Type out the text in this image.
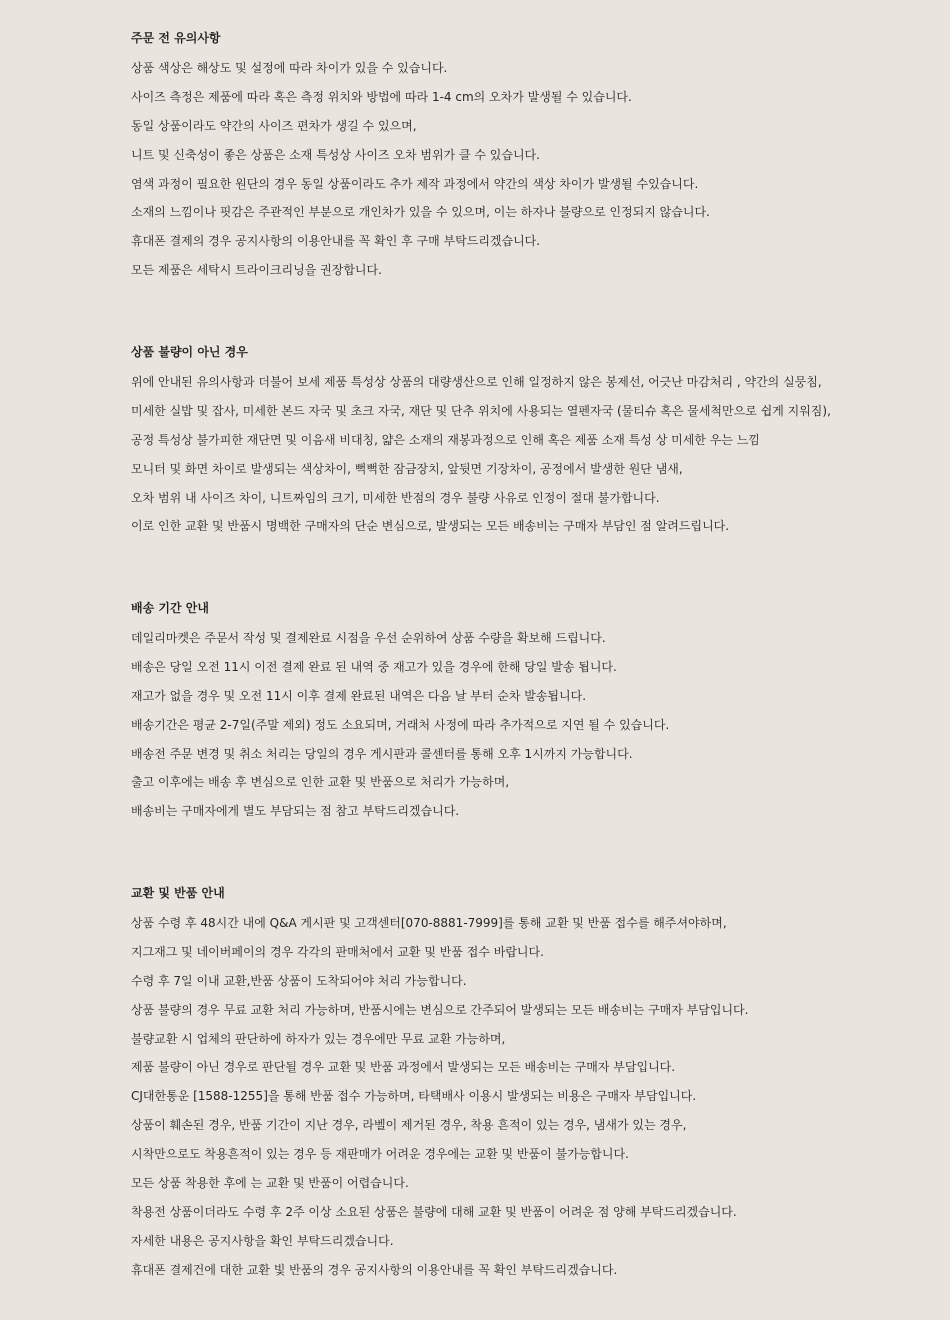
주문 전 유의사항
상품 색상은 해상도 및 설정에 따라 차이가 있을 수 있습니다.
사이즈 측정은 제품에 따라 혹은 측정 위치와 방법에 따라 1-4 cm의 오차가 발생될 수 있습니다.
동일 상품이라도 약간의 사이즈 편차가 생길 수 있으며,
니트 및 신축성이 좋은 상품은 소재 특성상 사이즈 오차 범위가 클 수 있습니다.
염색 과정이 필요한 원단의 경우 동일 상품이라도 추가 제작 과정에서 약간의 색상 차이가 발생될 수있습니다.
소재의 느낌이나 핏감은 주관적인 부분으로 개인차가 있을 수 있으며, 이는 하자나 불량으로 인정되지 않습니다.
휴대폰 결제의 경우 공지사항의 이용안내를 꼭 확인 후 구매 부탁드리겠습니다.
모든 제품은 세탁시 트라이크리닝을 권장합니다.
상품 불량이 아닌 경우
위에 안내된 유의사항과 더불어 보세 제품 특성상 상품의 대량생산으로 인해 일정하지 않은 봉제선, 어긋난 마감처리 , 약간의 실뭉침,
미세한 실밥 및 잡사, 미세한 본드 자국 및 초크 자국, 재단 및 단추 위치에 사용되는 열펜자국 (물티슈 혹은 물세척만으로 쉽게 지워짐),
공정 특성상 불가피한 재단면 및 이음새 비대칭, 얇은 소재의 재봉과정으로 인해 혹은 제품 소재 특성 상 미세한 우는 느낌
모니터 및 화면 차이로 발생되는 색상차이, 뻑뻑한 잠금장치, 앞뒷면 기장차이, 공정에서 발생한 원단 냄새,
오차 범위 내 사이즈 차이, 니트짜임의 크기, 미세한 반점의 경우 불량 사유로 인정이 절대 불가합니다.
이로 인한 교환 및 반품시 명백한 구매자의 단순 변심으로, 발생되는 모든 배송비는 구매자 부담인 점 알려드립니다.
배송 기간 안내
데일리마켓은 주문서 작성 및 결제완료 시점을 우선 순위하여 상품 수량을 확보해 드립니다.
배송은 당일 오전 11시 이전 결제 완료 된 내역 중 재고가 있을 경우에 한해 당일 발송 됩니다.
재고가 없을 경우 및 오전 11시 이후 결제 완료된 내역은 다음 날 부터 순차 발송됩니다.
배송기간은 평균 2-7일(주말 제외) 정도 소요되며, 거래처 사정에 따라 추가적으로 지연 될 수 있습니다.
배송전 주문 변경 및 취소 처리는 당일의 경우 게시판과 콜센터를 통해 오후 1시까지 가능합니다.
출고 이후에는 배송 후 변심으로 인한 교환 및 반품으로 처리가 가능하며,
배송비는 구매자에게 별도 부담되는 점 참고 부탁드리겠습니다.
교환 및 반품 안내
상품 수령 후 48시간 내에 Q&A 게시판 및 고객센터[070-8881-7999]를 통해 교환 및 반품 접수를 해주셔야하며,
지그재그 및 네이버페이의 경우 각각의 판매처에서 교환 및 반품 접수 바랍니다.
수령 후 7일 이내 교환,반품 상품이 도착되어야 처리 가능합니다.
상품 불량의 경우 무료 교환 처리 가능하며, 반품시에는 변심으로 간주되어 발생되는 모든 배송비는 구매자 부담입니다.
불량교환 시 업체의 판단하에 하자가 있는 경우에만 무료 교환 가능하며,
제품 불량이 아닌 경우로 판단될 경우 교환 및 반품 과정에서 발생되는 모든 배송비는 구매자 부담입니다.
CJ대한통운 [1588-1255]을 통해 반품 접수 가능하며, 타택배사 이용시 발생되는 비용은 구매자 부담입니다.
상품이 훼손된 경우, 반품 기간이 지난 경우, 라벨이 제거된 경우, 착용 흔적이 있는 경우, 냄새가 있는 경우,
시착만으로도 착용흔적이 있는 경우 등 재판매가 어려운 경우에는 교환 및 반품이 불가능합니다.
모든 상품 착용한 후에 는 교환 및 반품이 어렵습니다.
착용전 상품이더라도 수령 후 2주 이상 소요된 상품은 불량에 대해 교환 및 반품이 어려운 점 양해 부탁드리겠습니다.
자세한 내용은 공지사항을 확인 부탁드리겠습니다.
휴대폰 결제건에 대한 교환 빛 반품의 경우 공지사항의 이용안내를 꼭 확인 부탁드리겠습니다.
